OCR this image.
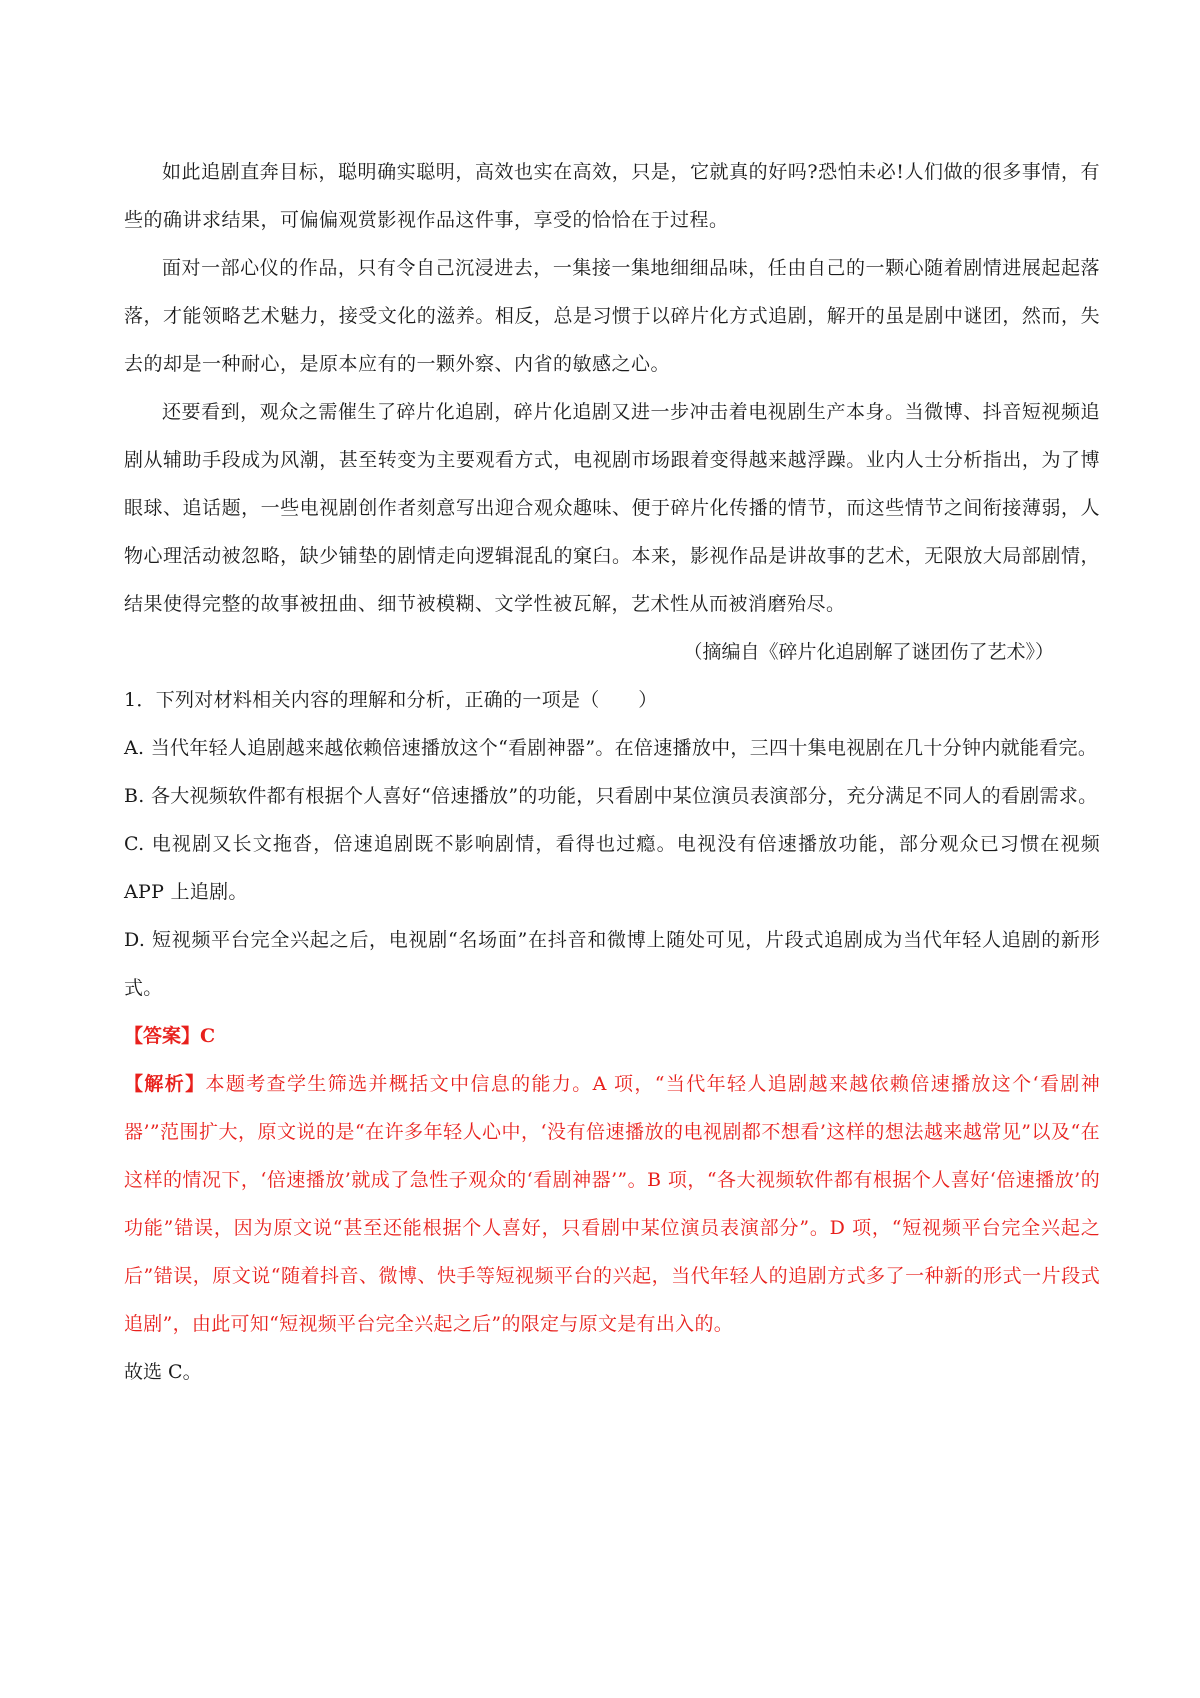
如此追剧直奔目标，聪明确实聪明，高效也实在高效，只是，它就真的好吗?恐怕未必!人们做的很多事情，有些的确讲求结果，可偏偏观赏影视作品这件事，享受的恰恰在于过程。

面对一部心仪的作品，只有令自己沉浸进去，一集接一集地细细品味，任由自己的一颗心随着剧情进展起起落落，才能领略艺术魅力，接受文化的滋养。相反，总是习惯于以碎片化方式追剧，解开的虽是剧中谜团，然而，失去的却是一种耐心，是原本应有的一颗外察、内省的敏感之心。

还要看到，观众之需催生了碎片化追剧，碎片化追剧又进一步冲击着电视剧生产本身。当微博、抖音短视频追剧从辅助手段成为风潮，甚至转变为主要观看方式，电视剧市场跟着变得越来越浮躁。业内人士分析指出，为了博眼球、追话题，一些电视剧创作者刻意写出迎合观众趣味、便于碎片化传播的情节，而这些情节之间衔接薄弱，人物心理活动被忽略，缺少铺垫的剧情走向逻辑混乱的窠臼。本来，影视作品是讲故事的艺术，无限放大局部剧情，结果使得完整的故事被扭曲、细节被模糊、文学性被瓦解，艺术性从而被消磨殆尽。

（摘编自《碎片化追剧解了谜团伤了艺术》）

1．下列对材料相关内容的理解和分析，正确的一项是（　　）

A. 当代年轻人追剧越来越依赖倍速播放这个“看剧神器”。在倍速播放中，三四十集电视剧在几十分钟内就能看完。

B. 各大视频软件都有根据个人喜好“倍速播放”的功能，只看剧中某位演员表演部分，充分满足不同人的看剧需求。

C. 电视剧又长文拖沓，倍速追剧既不影响剧情，看得也过瘾。电视没有倍速播放功能，部分观众已习惯在视频 APP 上追剧。

D. 短视频平台完全兴起之后，电视剧“名场面”在抖音和微博上随处可见，片段式追剧成为当代年轻人追剧的新形式。

【答案】C

【解析】本题考查学生筛选并概括文中信息的能力。A 项，“当代年轻人追剧越来越依赖倍速播放这个‘看剧神器’”范围扩大，原文说的是“在许多年轻人心中，‘没有倍速播放的电视剧都不想看’这样的想法越来越常见”以及“在这样的情况下，‘倍速播放’就成了急性子观众的‘看剧神器’”。B 项，“各大视频软件都有根据个人喜好‘倍速播放’的功能”错误，因为原文说“甚至还能根据个人喜好，只看剧中某位演员表演部分”。D 项，“短视频平台完全兴起之后”错误，原文说“随着抖音、微博、快手等短视频平台的兴起，当代年轻人的追剧方式多了一种新的形式一片段式追剧”，由此可知“短视频平台完全兴起之后”的限定与原文是有出入的。

故选 C。
